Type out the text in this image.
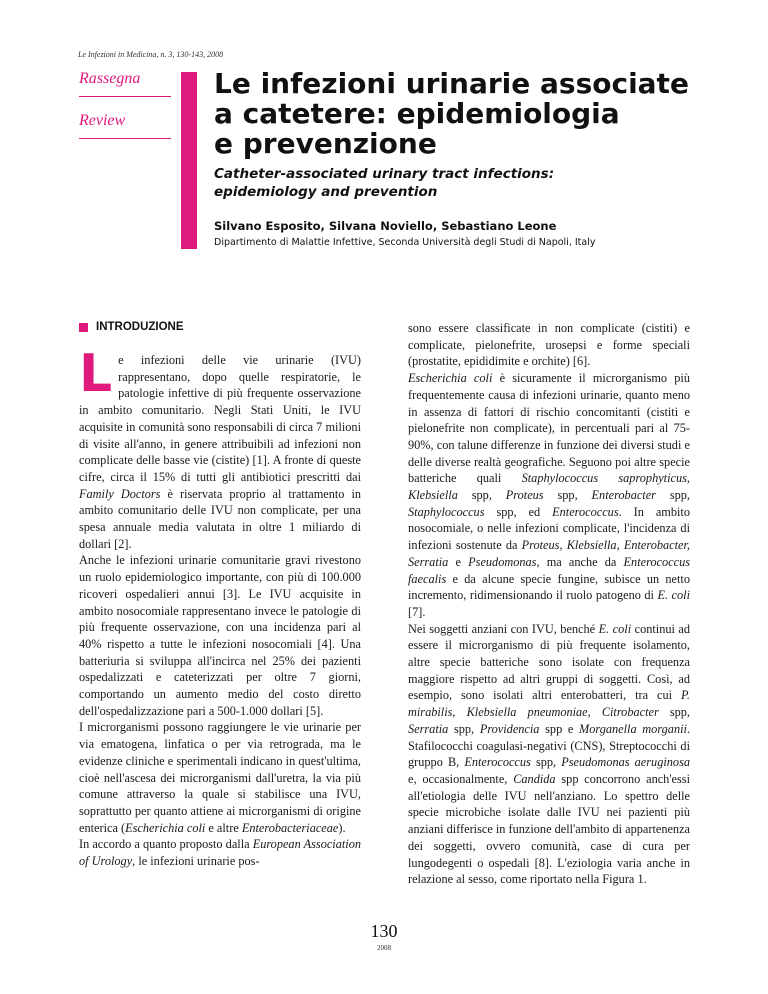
Le Infezioni in Medicina, n. 3, 130-143, 2008
Rassegna
Review
Le infezioni urinarie associate
a catetere: epidemiologia
e prevenzione
Catheter-associated urinary tract infections:
epidemiology and prevention
Silvano Esposito, Silvana Noviello, Sebastiano Leone
Dipartimento di Malattie Infettive, Seconda Università degli Studi di Napoli, Italy
INTRODUZIONE

Le infezioni delle vie urinarie (IVU) rappresentano, dopo quelle respiratorie, le patologie infettive di più frequente osservazione in ambito comunitario. Negli Stati Uniti, le IVU acquisite in comunità sono responsabili di circa 7 milioni di visite all'anno, in genere attribuibili ad infezioni non complicate delle basse vie (cistite) [1]. A fronte di queste cifre, circa il 15% di tutti gli antibiotici prescritti dai Family Doctors è riservata proprio al trattamento in ambito comunitario delle IVU non complicate, per una spesa annuale media valutata in oltre 1 miliardo di dollari [2].

Anche le infezioni urinarie comunitarie gravi rivestono un ruolo epidemiologico importante, con più di 100.000 ricoveri ospedalieri annui [3]. Le IVU acquisite in ambito nosocomiale rappresentano invece le patologie di più frequente osservazione, con una incidenza pari al 40% rispetto a tutte le infezioni nosocomiali [4]. Una batteriuria si sviluppa all'incirca nel 25% dei pazienti ospedalizzati e cateterizzati per oltre 7 giorni, comportando un aumento medio del costo diretto dell'ospedalizzazione pari a 500-1.000 dollari [5].

I microrganismi possono raggiungere le vie urinarie per via ematogena, linfatica o per via retrograda, ma le evidenze cliniche e sperimentali indicano in quest'ultima, cioè nell'ascesa dei microrganismi dall'uretra, la via più comune attraverso la quale si stabilisce una IVU, soprattutto per quanto attiene ai microrganismi di origine enterica (Escherichia coli e altre Enterobacteriaceae).

In accordo a quanto proposto dalla European Association of Urology, le infezioni urinarie pos-

sono essere classificate in non complicate (cistiti) e complicate, pielonefrite, urosepsi e forme speciali (prostatite, epididimite e orchite) [6].

Escherichia coli è sicuramente il microrganismo più frequentemente causa di infezioni urinarie, quanto meno in assenza di fattori di rischio concomitanti (cistiti e pielonefrite non complicate), in percentuali pari al 75-90%, con talune differenze in funzione dei diversi studi e delle diverse realtà geografiche. Seguono poi altre specie batteriche quali Staphylococcus saprophyticus, Klebsiella spp, Proteus spp, Enterobacter spp, Staphylococcus spp, ed Enterococcus. In ambito nosocomiale, o nelle infezioni complicate, l'incidenza di infezioni sostenute da Proteus, Klebsiella, Enterobacter, Serratia e Pseudomonas, ma anche da Enterococcus faecalis e da alcune specie fungine, subisce un netto incremento, ridimensionando il ruolo patogeno di E. coli [7].

Nei soggetti anziani con IVU, benché E. coli continui ad essere il microrganismo di più frequente isolamento, altre specie batteriche sono isolate con frequenza maggiore rispetto ad altri gruppi di soggetti. Così, ad esempio, sono isolati altri enterobatteri, tra cui P. mirabilis, Klebsiella pneumoniae, Citrobacter spp, Serratia spp, Providencia spp e Morganella morganii. Stafilococchi coagulasi-negativi (CNS), Streptococchi di gruppo B, Enterococcus spp, Pseudomonas aeruginosa e, occasionalmente, Candida spp concorrono anch'essi all'etiologia delle IVU nell'anziano. Lo spettro delle specie microbiche isolate dalle IVU nei pazienti più anziani differisce in funzione dell'ambito di appartenenza dei soggetti, ovvero comunità, case di cura per lungodegenti o ospedali [8]. L'eziologia varia anche in relazione al sesso, come riportato nella Figura 1.

130
2008
